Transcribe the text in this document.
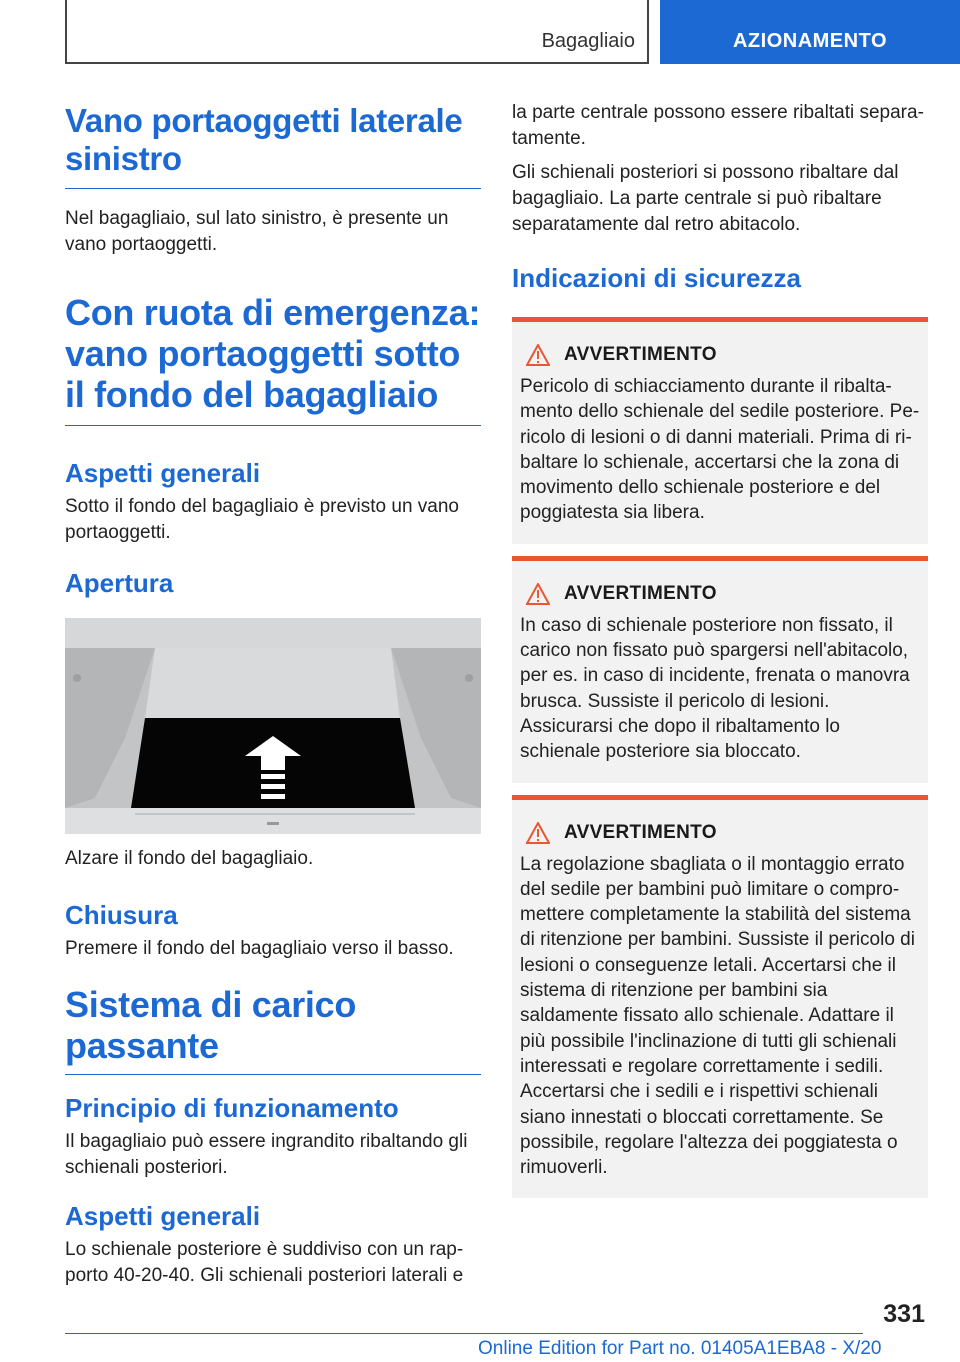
Bagagliaio	AZIONAMENTO
Vano portaoggetti laterale sinistro

Nel bagagliaio, sul lato sinistro, è presente un vano portaoggetti.

Con ruota di emergenza: vano portaoggetti sotto il fondo del bagagliaio
Aspetti generali

Sotto il fondo del bagagliaio è previsto un vano portaoggetti.

Apertura

Alzare il fondo del bagagliaio.

Chiusura

Premere il fondo del bagagliaio verso il basso.

Sistema di carico passante
Principio di funzionamento

Il bagagliaio può essere ingrandito ribaltando gli schienali posteriori.

Aspetti generali

Lo schienale posteriore è suddiviso con un rapporto 40-20-40. Gli schienali posteriori laterali e

la parte centrale possono essere ribaltati separatamente.

Gli schienali posteriori si possono ribaltare dal bagagliaio. La parte centrale si può ribaltare separatamente dal retro abitacolo.

Indicazioni di sicurezza
AVVERTIMENTO

Pericolo di schiacciamento durante il ribaltamento dello schienale del sedile posteriore. Pericolo di lesioni o di danni materiali. Prima di ribaltare lo schienale, accertarsi che la zona di movimento dello schienale posteriore e del poggiatesta sia libera.

AVVERTIMENTO

In caso di schienale posteriore non fissato, il carico non fissato può spargersi nell'abitacolo, per es. in caso di incidente, frenata o manovra brusca. Sussiste il pericolo di lesioni. Assicurarsi che dopo il ribaltamento lo schienale posteriore sia bloccato.

AVVERTIMENTO

La regolazione sbagliata o il montaggio errato del sedile per bambini può limitare o compromettere completamente la stabilità del sistema di ritenzione per bambini. Sussiste il pericolo di lesioni o conseguenze letali. Accertarsi che il sistema di ritenzione per bambini sia saldamente fissato allo schienale. Adattare il più possibile l'inclinazione di tutti gli schienali interessati e regolare correttamente i sedili. Accertarsi che i sedili e i rispettivi schienali siano innestati o bloccati correttamente. Se possibile, regolare l'altezza dei poggiatesta o rimuoverli.

331
Online Edition for Part no. 01405A1EBA8 - X/20
